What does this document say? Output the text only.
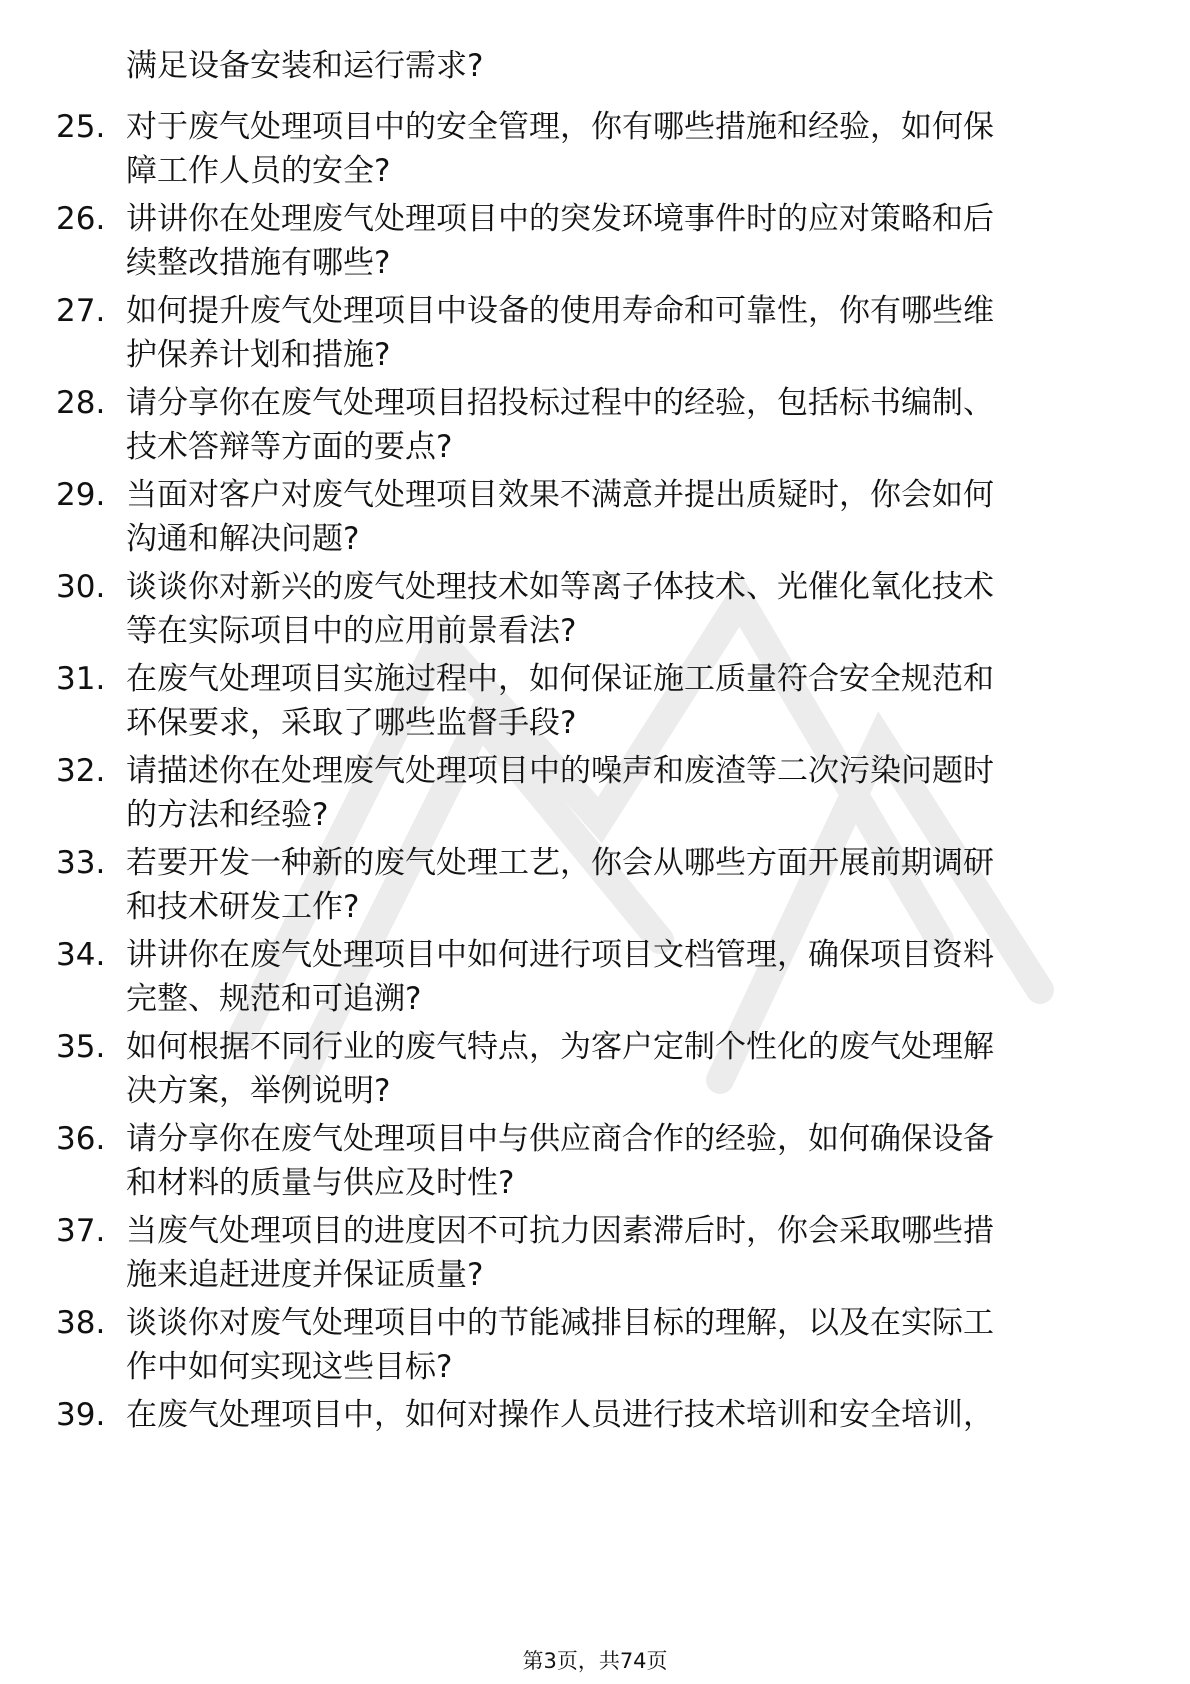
满足设备安装和运行需求?
25. 对于废气处理项目中的安全管理，你有哪些措施和经验，如何保
障工作人员的安全?
26. 讲讲你在处理废气处理项目中的突发环境事件时的应对策略和后
续整改措施有哪些?
27. 如何提升废气处理项目中设备的使用寿命和可靠性，你有哪些维
护保养计划和措施?
28. 请分享你在废气处理项目招投标过程中的经验，包括标书编制、
技术答辩等方面的要点?
29. 当面对客户对废气处理项目效果不满意并提出质疑时，你会如何
沟通和解决问题?
30. 谈谈你对新兴的废气处理技术如等离子体技术、光催化氧化技术
等在实际项目中的应用前景看法?
31. 在废气处理项目实施过程中，如何保证施工质量符合安全规范和
环保要求，采取了哪些监督手段?
32. 请描述你在处理废气处理项目中的噪声和废渣等二次污染问题时
的方法和经验?
33. 若要开发一种新的废气处理工艺，你会从哪些方面开展前期调研
和技术研发工作?
34. 讲讲你在废气处理项目中如何进行项目文档管理，确保项目资料
完整、规范和可追溯?
35. 如何根据不同行业的废气特点，为客户定制个性化的废气处理解
决方案，举例说明?
36. 请分享你在废气处理项目中与供应商合作的经验，如何确保设备
和材料的质量与供应及时性?
37. 当废气处理项目的进度因不可抗力因素滞后时，你会采取哪些措
施来追赶进度并保证质量?
38. 谈谈你对废气处理项目中的节能减排目标的理解，以及在实际工
作中如何实现这些目标?
39. 在废气处理项目中，如何对操作人员进行技术培训和安全培训，
第3页，共74页
